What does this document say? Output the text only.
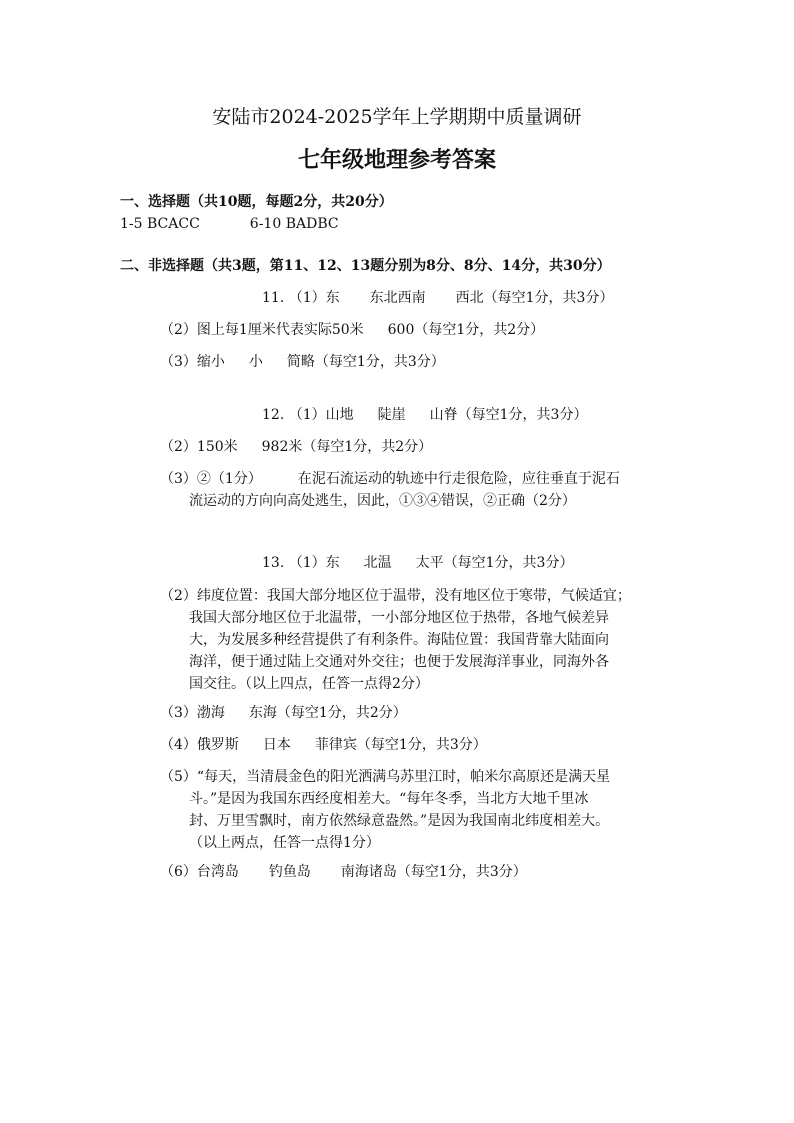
安陆市2024-2025学年上学期期中质量调研
七年级地理参考答案
一、选择题（共10题，每题2分，共20分）
1-5 BCACC	6-10 BADBC
二、非选择题（共3题，第11、12、13题分别为8分、8分、14分，共30分）
11. （1）东 东北西南 西北（每空1分，共3分）
（2）图上每1厘米代表实际50米 600（每空1分，共2分）
（3）缩小 小 简略（每空1分，共3分）
12. （1）山地 陡崖 山脊（每空1分，共3分）
（2）150米 982米（每空1分，共2分）
（3）②（1分）	在泥石流运动的轨迹中行走很危险，应往垂直于泥石
流运动的方向向高处逃生，因此，①③④错误，②正确（2分）
13. （1）东 北温 太平（每空1分，共3分）
（2）纬度位置：我国大部分地区位于温带，没有地区位于寒带，气候适宜；
我国大部分地区位于北温带，一小部分地区位于热带，各地气候差异
大，为发展多种经营提供了有利条件。海陆位置：我国背靠大陆面向
海洋，便于通过陆上交通对外交往；也便于发展海洋事业，同海外各
国交往。（以上四点，任答一点得2分）
（3）渤海 东海（每空1分，共2分）
（4）俄罗斯 日本 菲律宾（每空1分，共3分）
（5）“每天，当清晨金色的阳光洒满乌苏里江时，帕米尔高原还是满天星
斗。”是因为我国东西经度相差大。“每年冬季，当北方大地千里冰
封、万里雪飘时，南方依然绿意盎然。”是因为我国南北纬度相差大。
（以上两点，任答一点得1分）
（6）台湾岛 钓鱼岛 南海诸岛（每空1分，共3分）
